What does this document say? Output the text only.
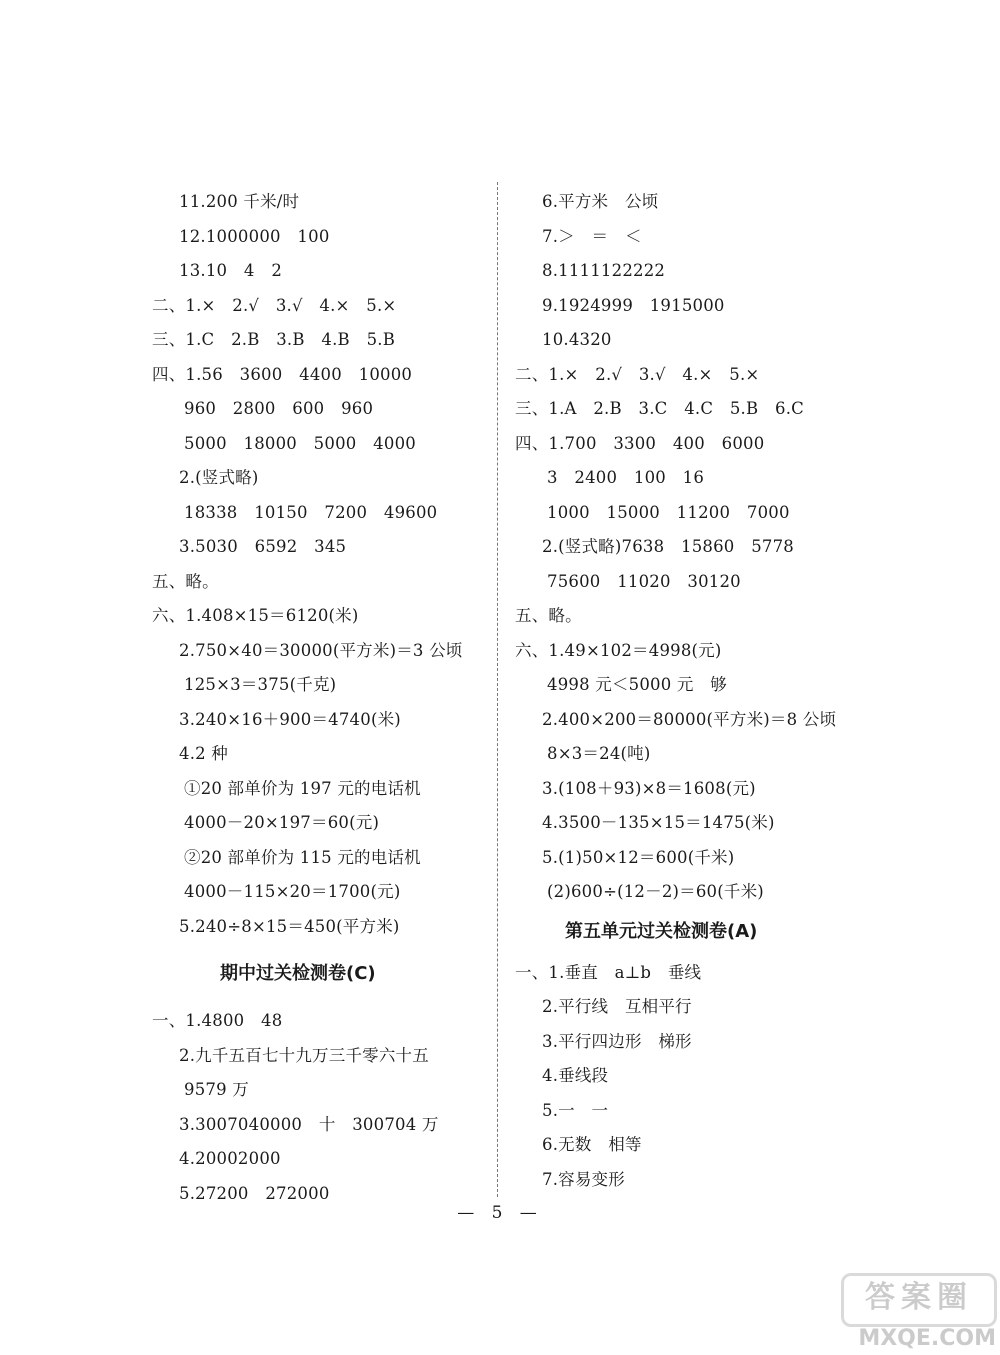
11.200 千米/时
12.1000000　100
13.10　4　2
二、1.×　2.√　3.√　4.×　5.×
三、1.C　2.B　3.B　4.B　5.B
四、1.56　3600　4400　10000
960　2800　600　960
5000　18000　5000　4000
2.(竖式略)
18338　10150　7200　49600
3.5030　6592　345
五、略。
六、1.408×15＝6120(米)
2.750×40＝30000(平方米)＝3 公顷
125×3＝375(千克)
3.240×16＋900＝4740(米)
4.2 种
①20 部单价为 197 元的电话机
4000－20×197＝60(元)
②20 部单价为 115 元的电话机
4000－115×20＝1700(元)
5.240÷8×15＝450(平方米)
期中过关检测卷(C)
一、1.4800　48
2.九千五百七十九万三千零六十五
9579 万
3.3007040000　十　300704 万
4.20002000
5.27200　272000
6.平方米　公顷
7.＞　＝　＜
8.1111122222
9.1924999　1915000
10.4320
二、1.×　2.√　3.√　4.×　5.×
三、1.A　2.B　3.C　4.C　5.B　6.C
四、1.700　3300　400　6000
3　2400　100　16
1000　15000　11200　7000
2.(竖式略)7638　15860　5778
75600　11020　30120
五、略。
六、1.49×102＝4998(元)
4998 元＜5000 元　够
2.400×200＝80000(平方米)＝8 公顷
8×3＝24(吨)
3.(108＋93)×8＝1608(元)
4.3500－135×15＝1475(米)
5.(1)50×12＝600(千米)
(2)600÷(12－2)＝60(千米)
第五单元过关检测卷(A)
一、1.垂直　a⊥b　垂线
2.平行线　互相平行
3.平行四边形　梯形
4.垂线段
5.一　一
6.无数　相等
7.容易变形
— 5 —
答案圈
MXQE.COM
